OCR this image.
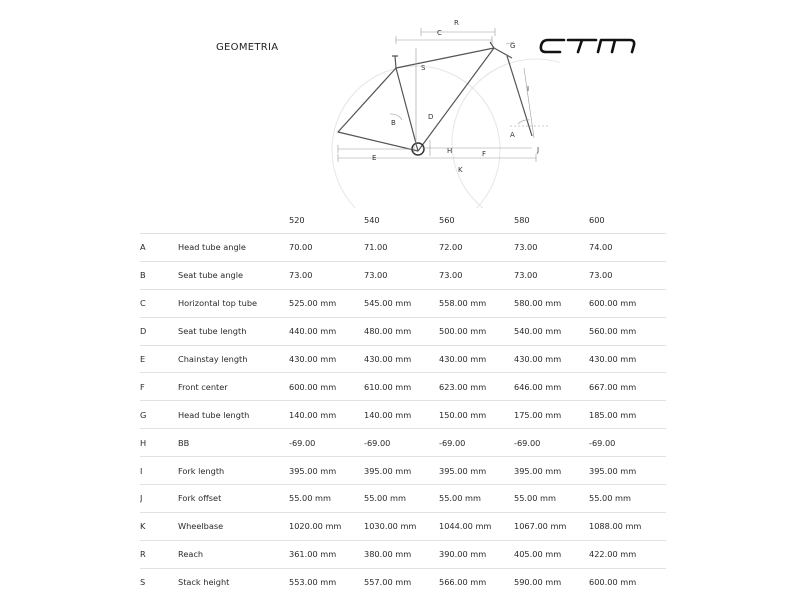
GEOMETRIA
R
C
G
S
I
B
D
A
H
E	F	J
K
		520	540	560	580	600
A	Head tube angle	70.00	71.00	72.00	73.00	74.00
B	Seat tube angle	73.00	73.00	73.00	73.00	73.00
C	Horizontal top tube	525.00 mm	545.00 mm	558.00 mm	580.00 mm	600.00 mm
D	Seat tube length	440.00 mm	480.00 mm	500.00 mm	540.00 mm	560.00 mm
E	Chainstay length	430.00 mm	430.00 mm	430.00 mm	430.00 mm	430.00 mm
F	Front center	600.00 mm	610.00 mm	623.00 mm	646.00 mm	667.00 mm
G	Head tube length	140.00 mm	140.00 mm	150.00 mm	175.00 mm	185.00 mm
H	BB	-69.00	-69.00	-69.00	-69.00	-69.00
I	Fork length	395.00 mm	395.00 mm	395.00 mm	395.00 mm	395.00 mm
J	Fork offset	55.00 mm	55.00 mm	55.00 mm	55.00 mm	55.00 mm
K	Wheelbase	1020.00 mm	1030.00 mm	1044.00 mm	1067.00 mm	1088.00 mm
R	Reach	361.00 mm	380.00 mm	390.00 mm	405.00 mm	422.00 mm
S	Stack height	553.00 mm	557.00 mm	566.00 mm	590.00 mm	600.00 mm
